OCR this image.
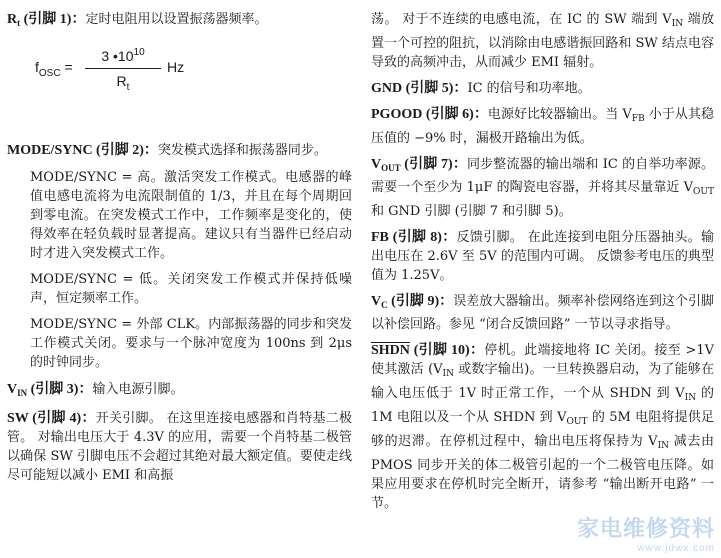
$R_t$ (引脚 1)：定时电阻用以设置振荡器频率。

$f_{OSC}$ =
3 $•10^{10}$
$R_t$
Hz

MODE/SYNC (引脚 2)：突发模式选择和振荡器同步。

MODE/SYNC = 高。激活突发工作模式。电感器的峰值电感电流将为电流限制值的 1/3，并且在每个周期回到零电流。在突发模式工作中，工作频率是变化的，使得效率在轻负载时显著提高。建议只有当器件已经启动时才进入突发模式工作。

MODE/SYNC = 低。关闭突发工作模式并保持低噪声，恒定频率工作。

MODE/SYNC = 外部 CLK。内部振荡器的同步和突发工作模式关闭。要求与一个脉冲宽度为 100ns 到 2μs 的时钟同步。

$V_{IN}$ (引脚 3)：输入电源引脚。

SW (引脚 4)：开关引脚。 在这里连接电感器和肖特基二极管。 对输出电压大于 4.3V 的应用，需要一个肖特基二极管以确保 SW 引脚电压不会超过其绝对最大额定值。要使走线尽可能短以减小 EMI 和高振

荡。 对于不连续的电感电流，在 IC 的 SW 端到 $V_{IN}$ 端放置一个可控的阻抗，以消除由电感谐振回路和 SW 结点电容导致的高频冲击，从而减少 EMI 辐射。

GND (引脚 5)：IC 的信号和功率地。

PGOOD (引脚 6)：电源好比较器输出。当 $V_{FB}$ 小于从其稳压值的 −9% 时，漏极开路输出为低。

$V_{OUT}$ (引脚 7)：同步整流器的输出端和 IC 的自举功率源。需要一个至少为 1μF 的陶瓷电容器，并将其尽量靠近 $V_{OUT}$ 和 GND 引脚 (引脚 7 和引脚 5)。

FB (引脚 8)：反馈引脚。 在此连接到电阻分压器抽头。输出电压在 2.6V 至 5V 的范围内可调。 反馈参考电压的典型值为 1.25V。

$V_C$ (引脚 9)：误差放大器输出。频率补偿网络连到这个引脚以补偿回路。参见 “闭合反馈回路” 一节以寻求指导。

SHDN (引脚 10)：停机。此端接地将 IC 关闭。接至 >1V 使其激活 ($V_{IN}$ 或数字输出)。一旦转换器启动，为了能够在输入电压低于 1V 时正常工作，一个从 SHDN 到 $V_{IN}$ 的 1M 电阻以及一个从 SHDN 到 $V_{OUT}$ 的 5M 电阻将提供足够的迟滞。在停机过程中，输出电压将保持为 $V_{IN}$ 减去由 PMOS 同步开关的体二极管引起的一个二极管电压降。如果应用要求在停机时完全断开，请参考 “输出断开电路” 一节。

家电维修资料
www.jdwx.com
